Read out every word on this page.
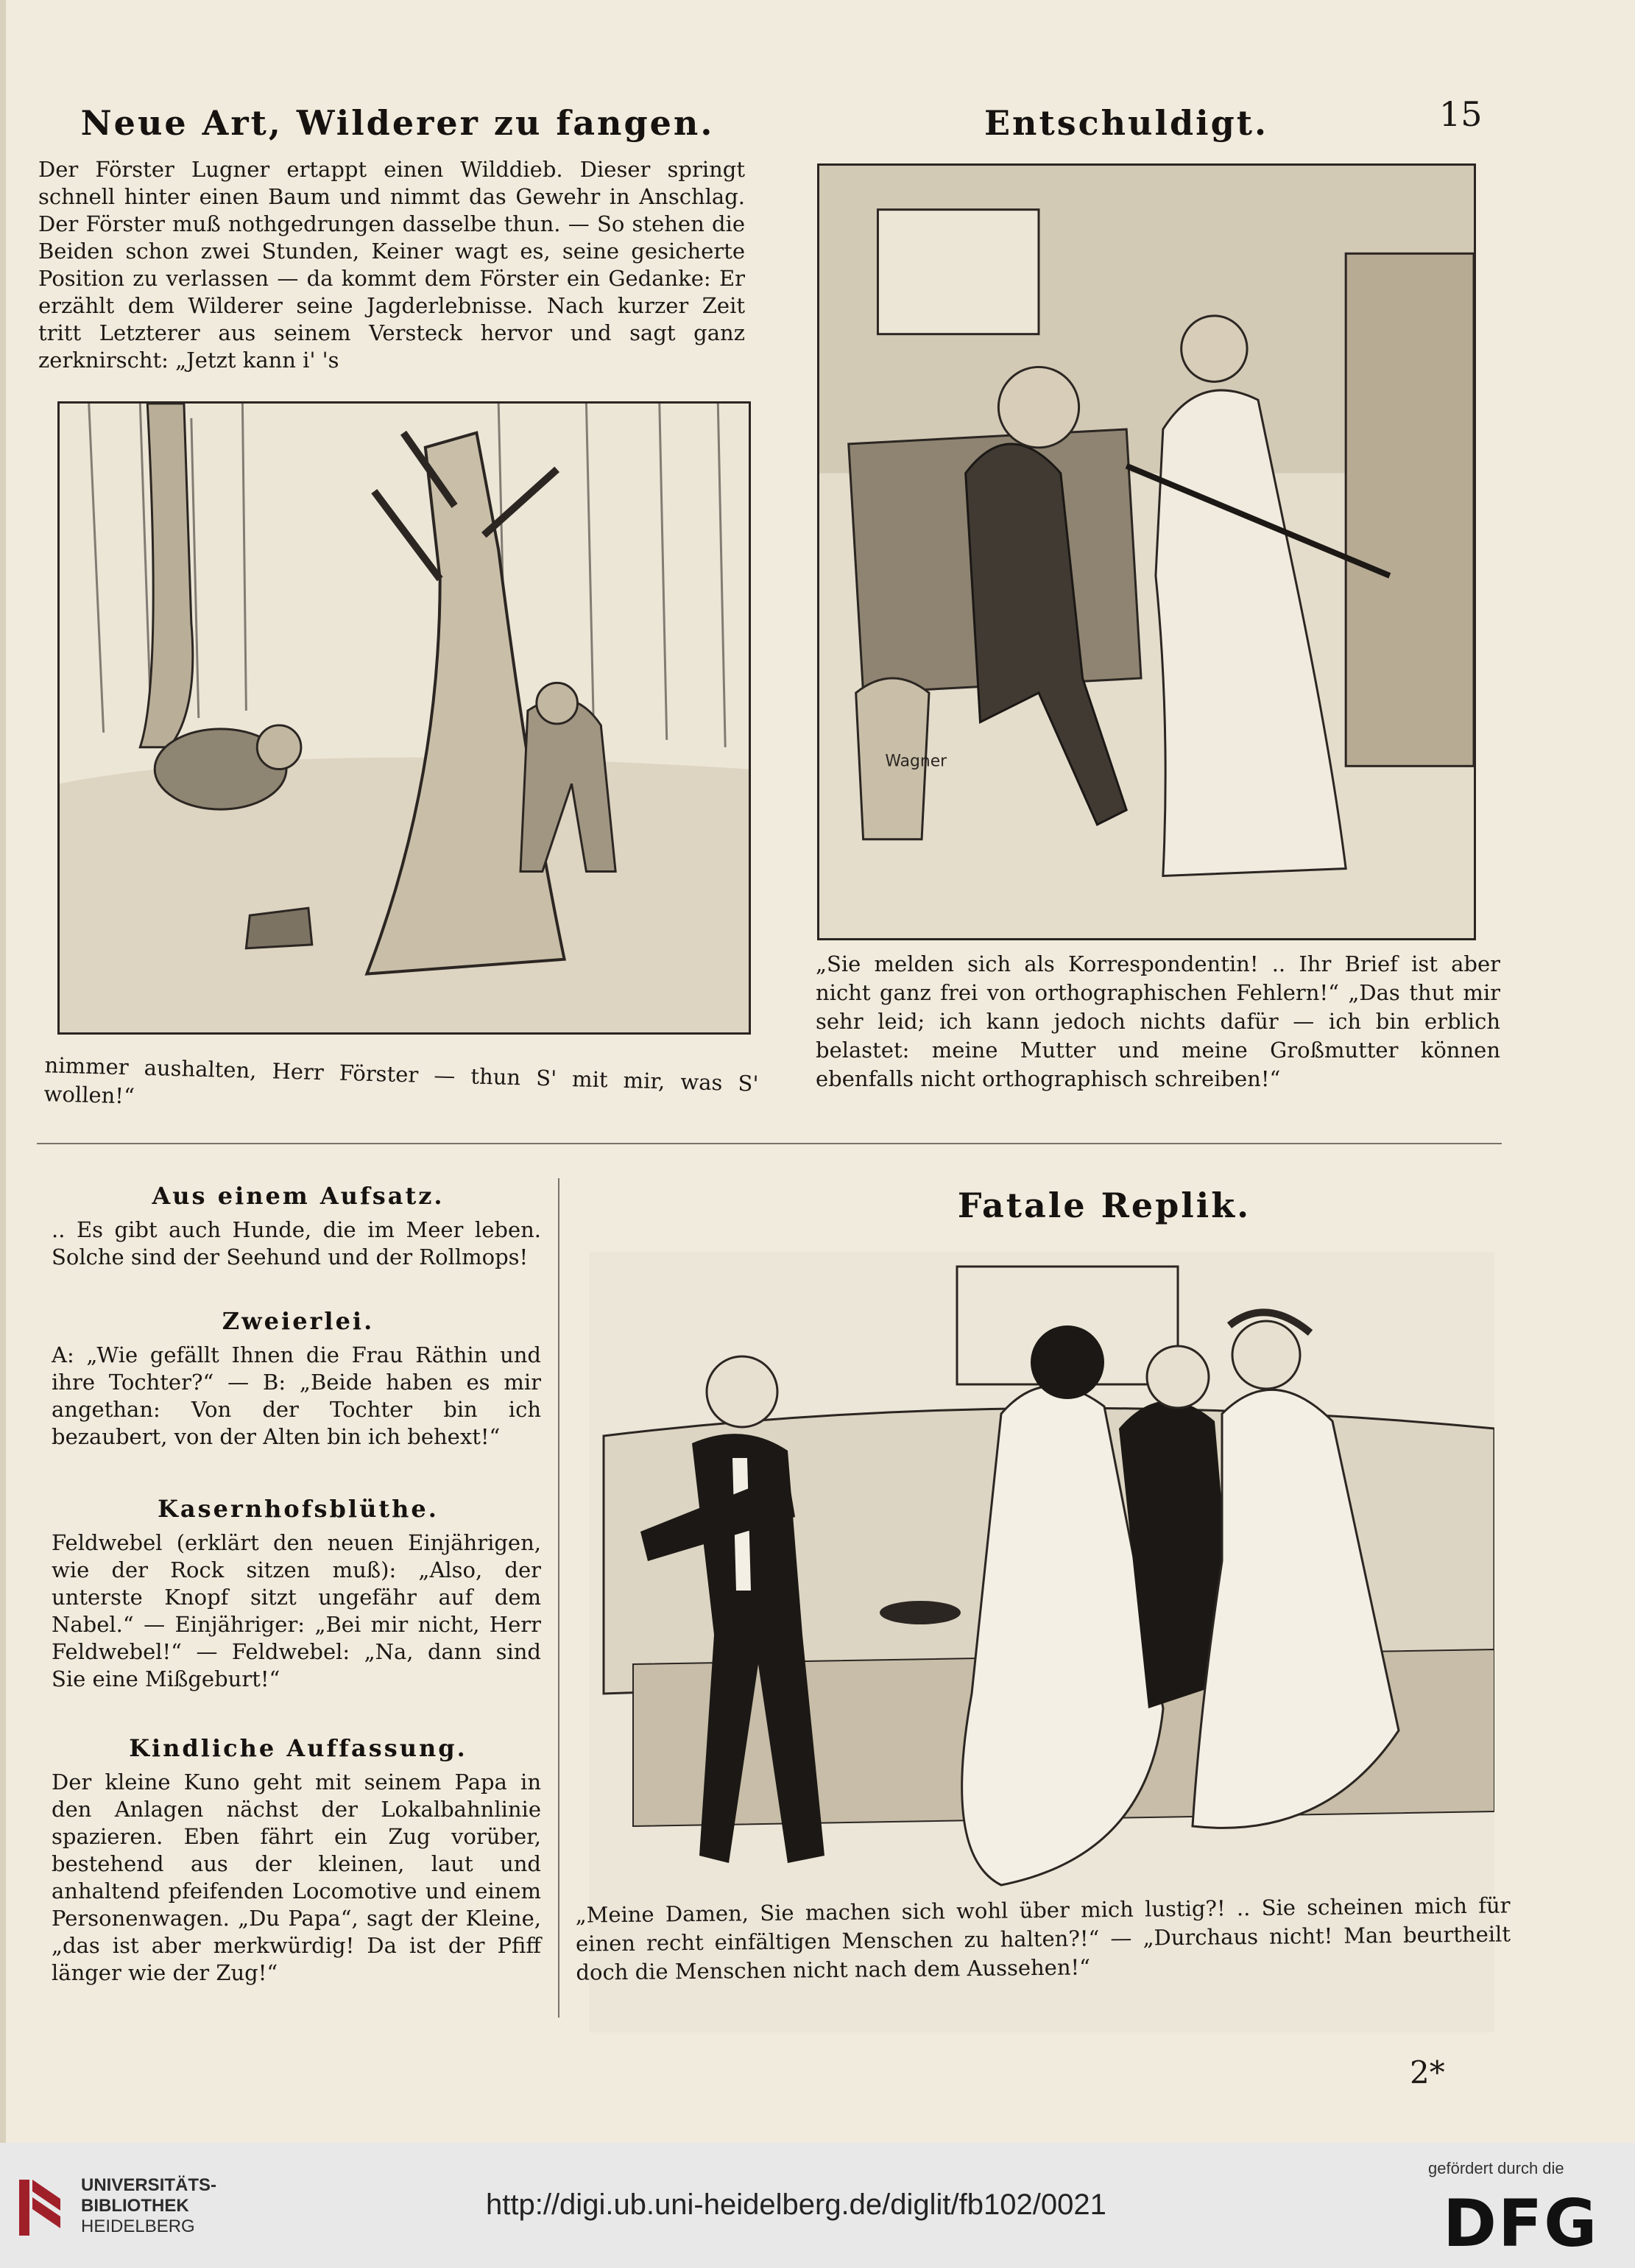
15
Neue Art, Wilderer zu fangen.
Der Förster Lugner ertappt einen Wilddieb. Dieser springt schnell hinter einen Baum und nimmt das Gewehr in Anschlag. Der Förster muß nothgedrungen dasselbe thun. — So stehen die Beiden schon zwei Stunden, Keiner wagt es, seine gesicherte Position zu verlassen — da kommt dem Förster ein Gedanke: Er erzählt dem Wilderer seine Jagderlebnisse. Nach kurzer Zeit tritt Letzterer aus seinem Versteck hervor und sagt ganz zerknirscht: „Jetzt kann i' 's
nimmer aushalten, Herr Förster — thun S' mit mir, was S' wollen!“
Entschuldigt.
Wagner
„Sie melden sich als Korrespondentin! .. Ihr Brief ist aber nicht ganz frei von orthographischen Fehlern!“ „Das thut mir sehr leid; ich kann jedoch nichts dafür — ich bin erblich belastet: meine Mutter und meine Großmutter können ebenfalls nicht orthographisch schreiben!“
Aus einem Aufsatz.
.. Es gibt auch Hunde, die im Meer leben. Solche sind der Seehund und der Rollmops!
Zweierlei.
A: „Wie gefällt Ihnen die Frau Räthin und ihre Tochter?“ — B: „Beide haben es mir angethan: Von der Tochter bin ich bezaubert, von der Alten bin ich behext!“
Kasernhofsblüthe.
Feldwebel (erklärt den neuen Einjährigen, wie der Rock sitzen muß): „Also, der unterste Knopf sitzt ungefähr auf dem Nabel.“ — Einjähriger: „Bei mir nicht, Herr Feldwebel!“ — Feldwebel: „Na, dann sind Sie eine Mißgeburt!“
Kindliche Auffassung.
Der kleine Kuno geht mit seinem Papa in den Anlagen nächst der Lokalbahnlinie spazieren. Eben fährt ein Zug vorüber, bestehend aus der kleinen, laut und anhaltend pfeifenden Locomotive und einem Personenwagen. „Du Papa“, sagt der Kleine, „das ist aber merkwürdig! Da ist der Pfiff länger wie der Zug!“
Fatale Replik.
„Meine Damen, Sie machen sich wohl über mich lustig?! .. Sie scheinen mich für einen recht einfältigen Menschen zu halten?!“ — „Durchaus nicht! Man beurtheilt doch die Menschen nicht nach dem Aussehen!“
2*
UNIVERSITÄTS-
BIBLIOTHEK
HEIDELBERG
http://digi.ub.uni-heidelberg.de/diglit/fb102/0021
gefördert durch die
DFG
